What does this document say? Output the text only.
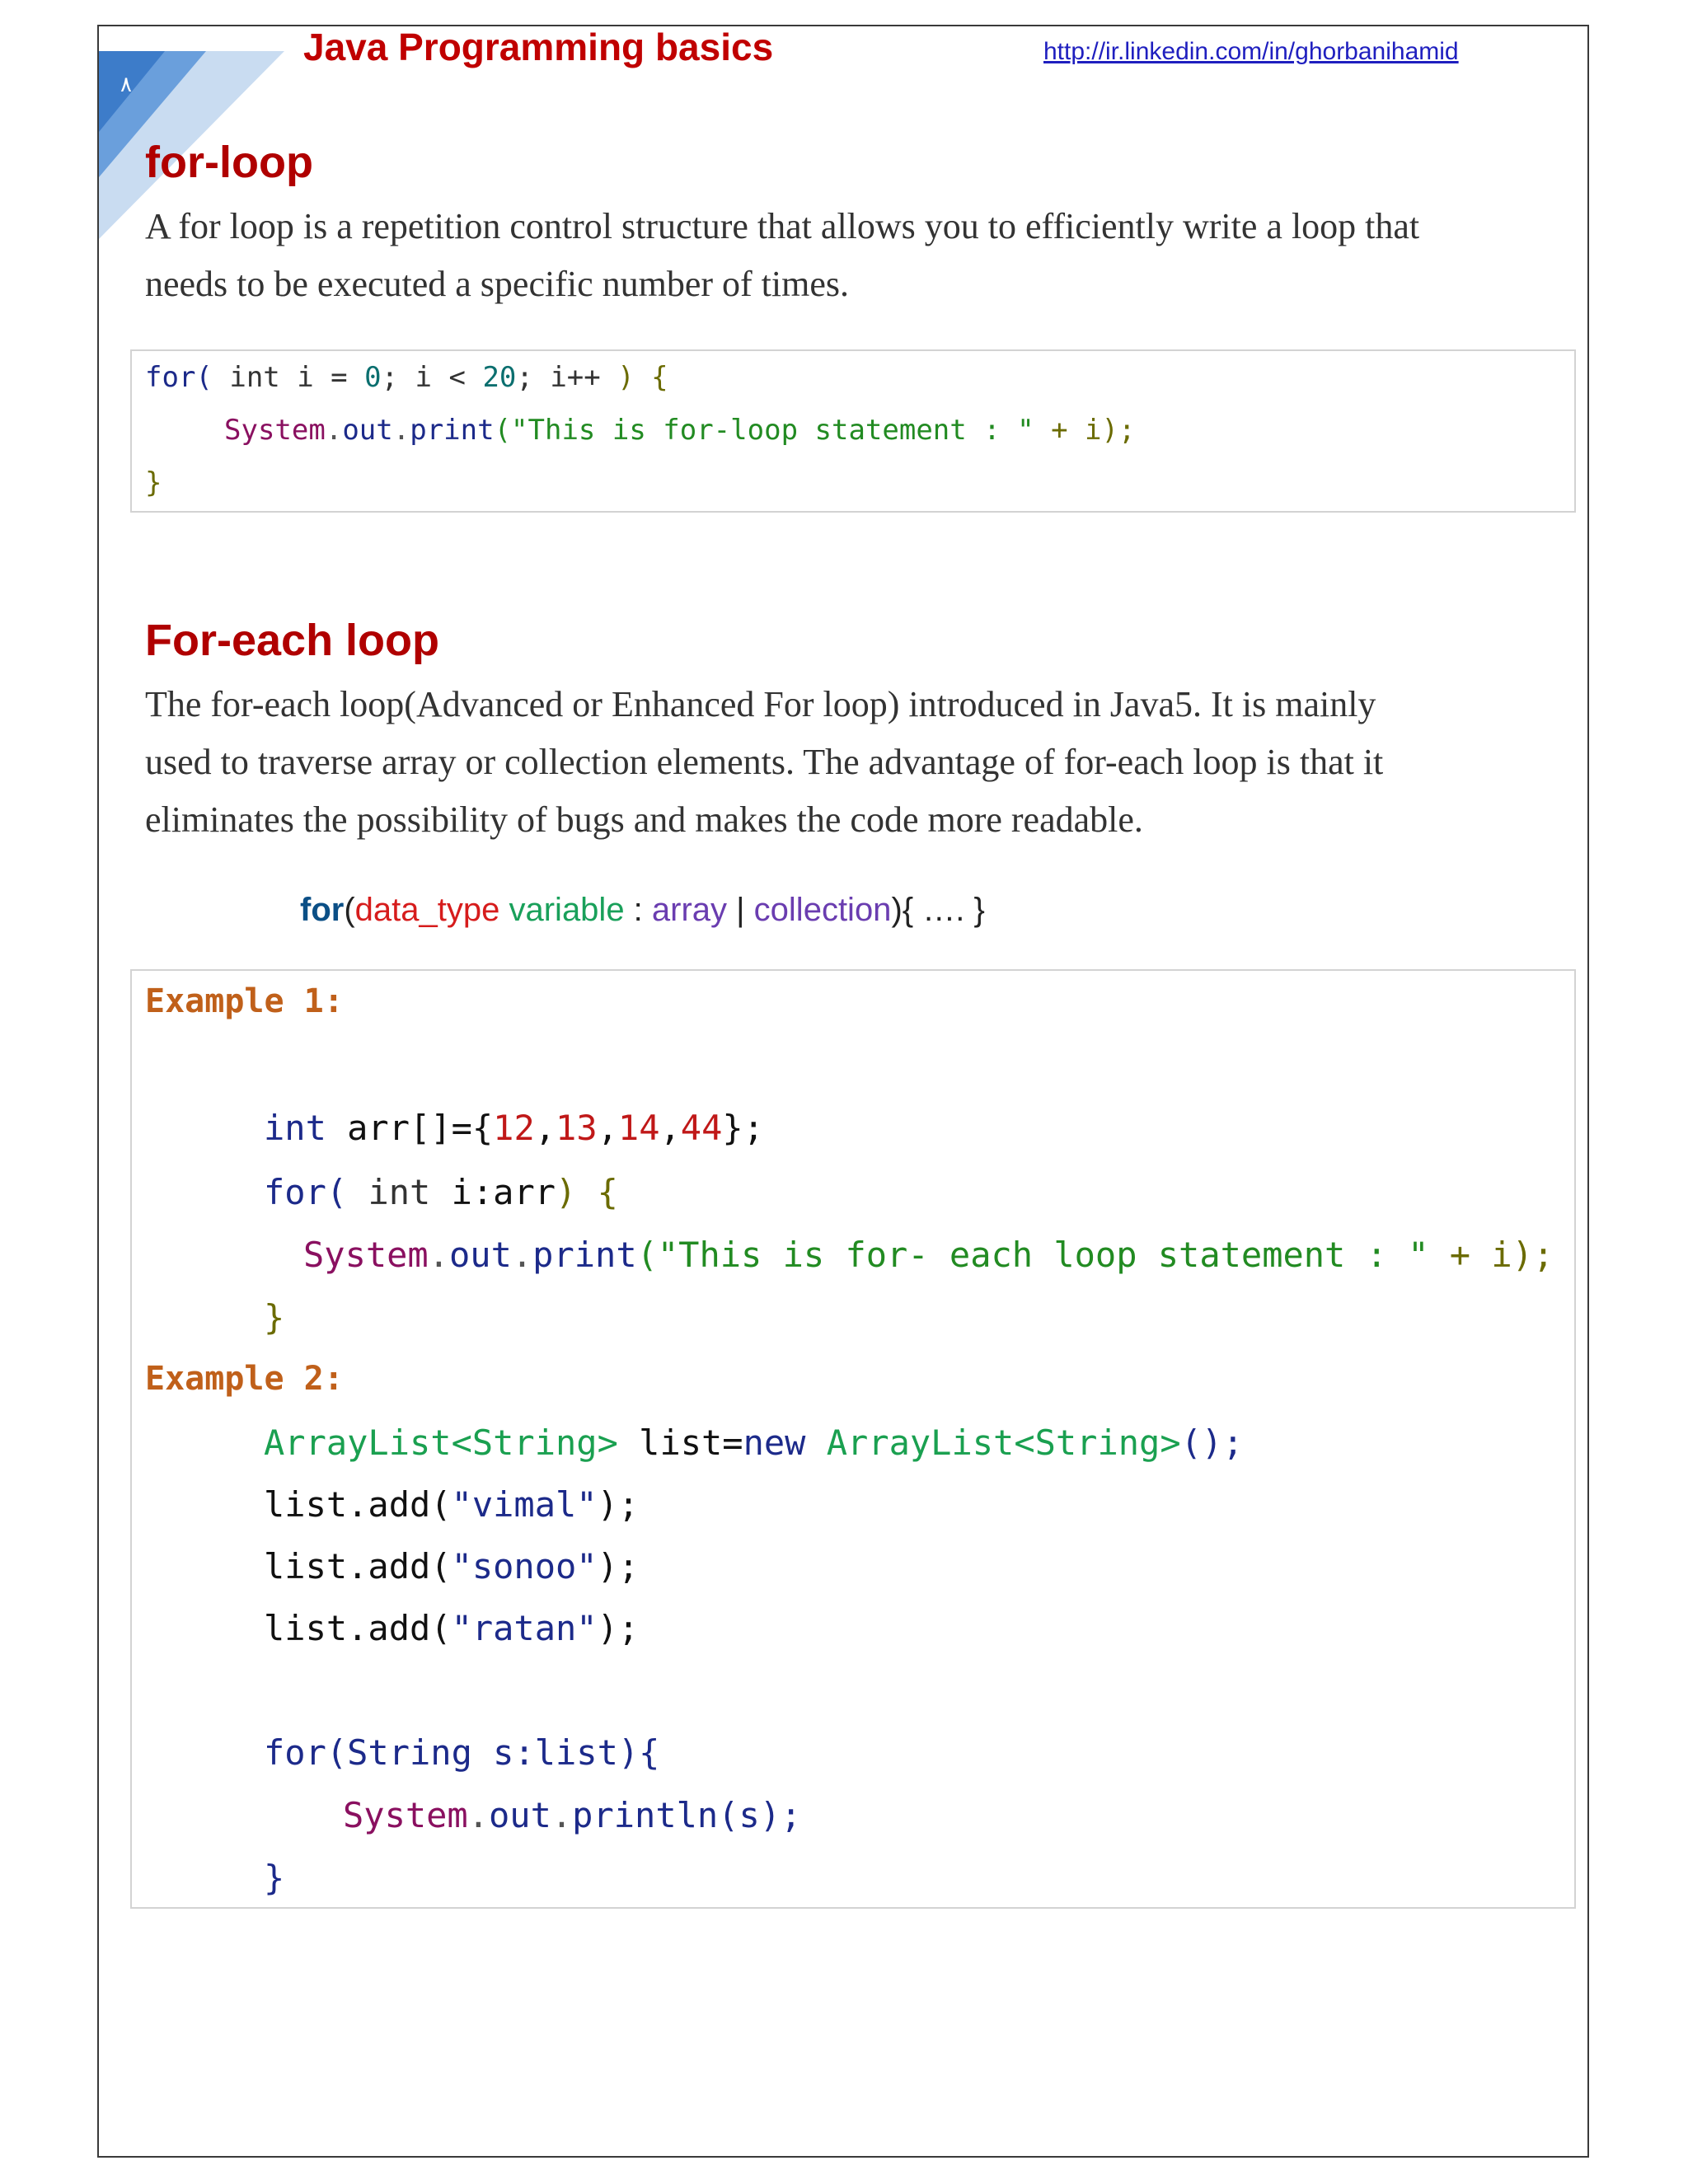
۸
Java Programming basics	http://ir.linkedin.com/in/ghorbanihamid
for-loop
A for loop is a repetition control structure that allows you to efficiently write a loop that
needs to be executed a specific number of times.
for( int i = 0; i < 20; i++ ) {
System.out.print("This is for-loop statement : " + i);
}
For-each loop
The for-each loop(Advanced or Enhanced For loop) introduced in Java5. It is mainly
used to traverse array or collection elements. The advantage of for-each loop is that it
eliminates the possibility of bugs and makes the code more readable.
for(data_type variable : array | collection){ …. }
Example 1:
int arr[]={12,13,14,44};
for( int i:arr) {
System.out.print("This is for- each loop statement : " + i);
}
Example 2:
ArrayList<String> list=new ArrayList<String>();
list.add("vimal");
list.add("sonoo");
list.add("ratan");
for(String s:list){
System.out.println(s);
}
